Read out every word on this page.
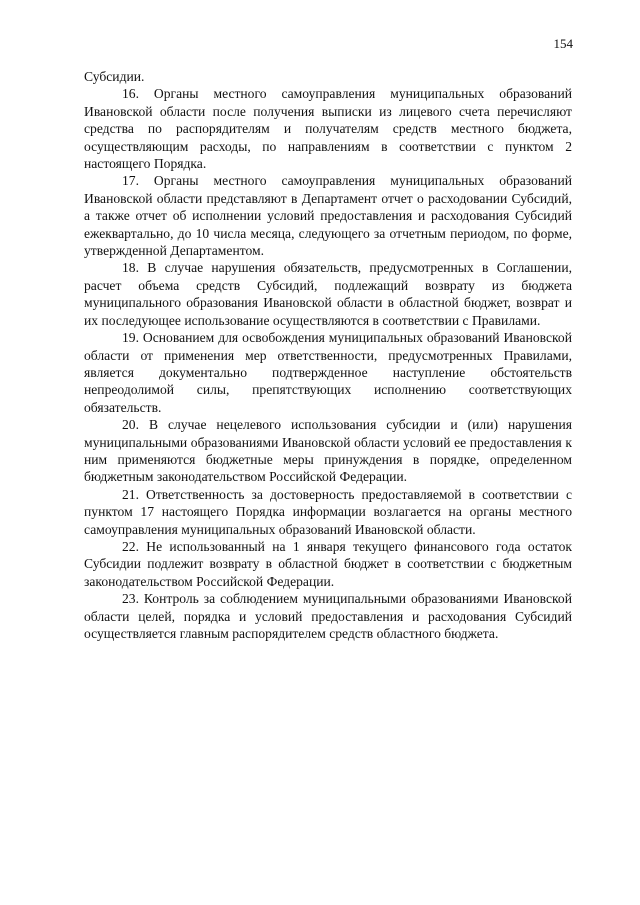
154

Субсидии.

16. Органы местного самоуправления муниципальных образований Ивановской области после получения выписки из лицевого счета перечисляют средства по распорядителям и получателям средств местного бюджета, осуществляющим расходы, по направлениям в соответствии с пунктом 2 настоящего Порядка.

17. Органы местного самоуправления муниципальных образований Ивановской области представляют в Департамент отчет о расходовании Субсидий, а также отчет об исполнении условий предоставления и расходования Субсидий ежеквартально, до 10 числа месяца, следующего за отчетным периодом, по форме, утвержденной Департаментом.

18. В случае нарушения обязательств, предусмотренных в Соглашении, расчет объема средств Субсидий, подлежащий возврату из бюджета муниципального образования Ивановской области в областной бюджет, возврат и их последующее использование осуществляются в соответствии с Правилами.

19. Основанием для освобождения муниципальных образований Ивановской области от применения мер ответственности, предусмотренных Правилами, является документально подтвержденное наступление обстоятельств непреодолимой силы, препятствующих исполнению соответствующих обязательств.

20. В случае нецелевого использования субсидии и (или) нарушения муниципальными образованиями Ивановской области условий ее предоставления к ним применяются бюджетные меры принуждения в порядке, определенном бюджетным законодательством Российской Федерации.

21. Ответственность за достоверность предоставляемой в соответствии с пунктом 17 настоящего Порядка информации возлагается на органы местного самоуправления муниципальных образований Ивановской области.

22. Не использованный на 1 января текущего финансового года остаток Субсидии подлежит возврату в областной бюджет в соответствии с бюджетным законодательством Российской Федерации.

23. Контроль за соблюдением муниципальными образованиями Ивановской области целей, порядка и условий предоставления и расходования Субсидий осуществляется главным распорядителем средств областного бюджета.
